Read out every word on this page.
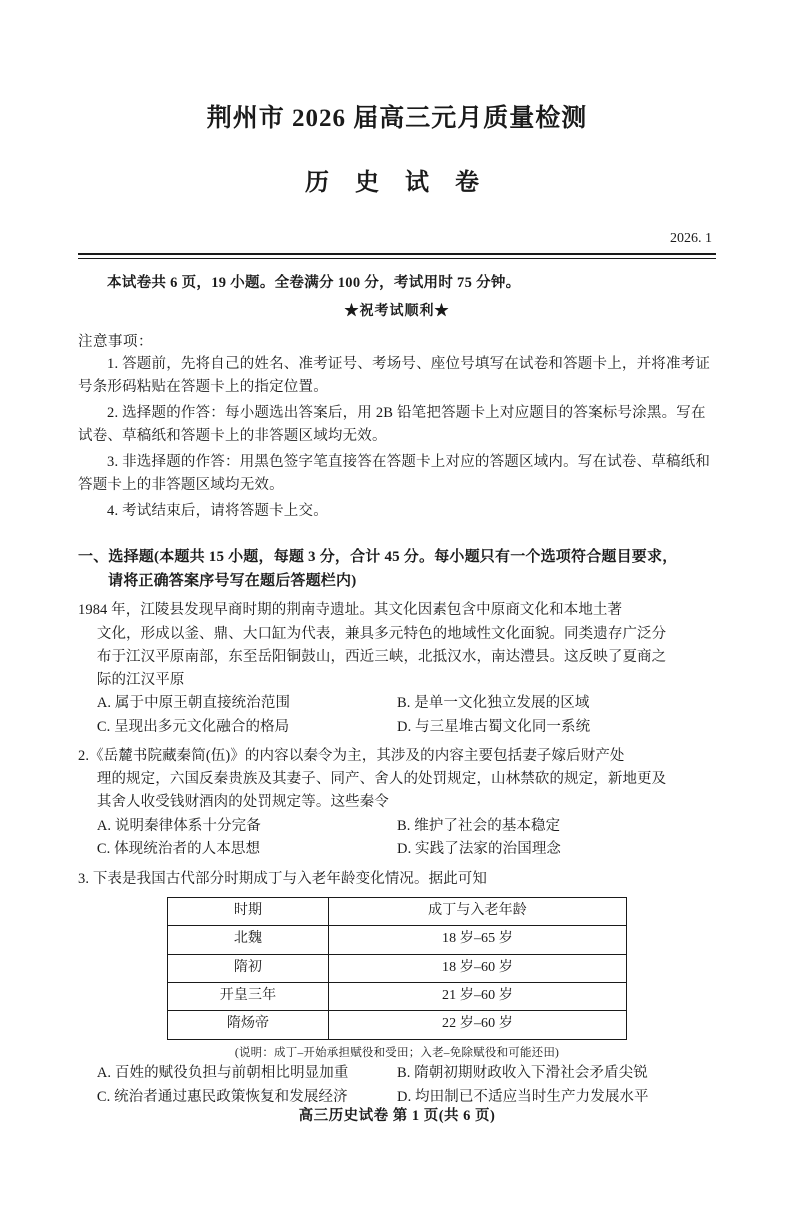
荆州市 2026 届高三元月质量检测
历 史 试 卷
2026. 1
本试卷共 6 页，19 小题。全卷满分 100 分，考试用时 75 分钟。
★祝考试顺利★
注意事项：
1. 答题前，先将自己的姓名、准考证号、考场号、座位号填写在试卷和答题卡上，并将准考证号条形码粘贴在答题卡上的指定位置。
2. 选择题的作答：每小题选出答案后，用 2B 铅笔把答题卡上对应题目的答案标号涂黑。写在试卷、草稿纸和答题卡上的非答题区域均无效。
3. 非选择题的作答：用黑色签字笔直接答在答题卡上对应的答题区域内。写在试卷、草稿纸和答题卡上的非答题区域均无效。
4. 考试结束后，请将答题卡上交。
一、选择题(本题共 15 小题，每题 3 分，合计 45 分。每小题只有一个选项符合题目要求，
请将正确答案序号写在题后答题栏内)

1984 年，江陵县发现早商时期的荆南寺遗址。其文化因素包含中原商文化和本地土著

文化，形成以釜、鼎、大口缸为代表，兼具多元特色的地域性文化面貌。同类遗存广泛分

布于江汉平原南部，东至岳阳铜鼓山，西近三峡，北抵汉水，南达澧县。这反映了夏商之

际的江汉平原

A. 属于中原王朝直接统治范围	B. 是单一文化独立发展的区域
C. 呈现出多元文化融合的格局	D. 与三星堆古蜀文化同一系统

2.《岳麓书院藏秦简(伍)》的内容以秦令为主，其涉及的内容主要包括妻子嫁后财产处

理的规定，六国反秦贵族及其妻子、同产、舍人的处罚规定，山林禁砍的规定，新地更及

其舍人收受钱财酒肉的处罚规定等。这些秦令

A. 说明秦律体系十分完备	B. 维护了社会的基本稳定
C. 体现统治者的人本思想	D. 实践了法家的治国理念

3. 下表是我国古代部分时期成丁与入老年龄变化情况。据此可知

时期	成丁与入老年龄
北魏	18 岁–65 岁
隋初	18 岁–60 岁
开皇三年	21 岁–60 岁
隋炀帝	22 岁–60 岁
(说明：成丁–开始承担赋役和受田；入老–免除赋役和可能还田)
A. 百姓的赋役负担与前朝相比明显加重	B. 隋朝初期财政收入下滑社会矛盾尖锐
C. 统治者通过惠民政策恢复和发展经济	D. 均田制已不适应当时生产力发展水平
高三历史试卷 第 1 页(共 6 页)
